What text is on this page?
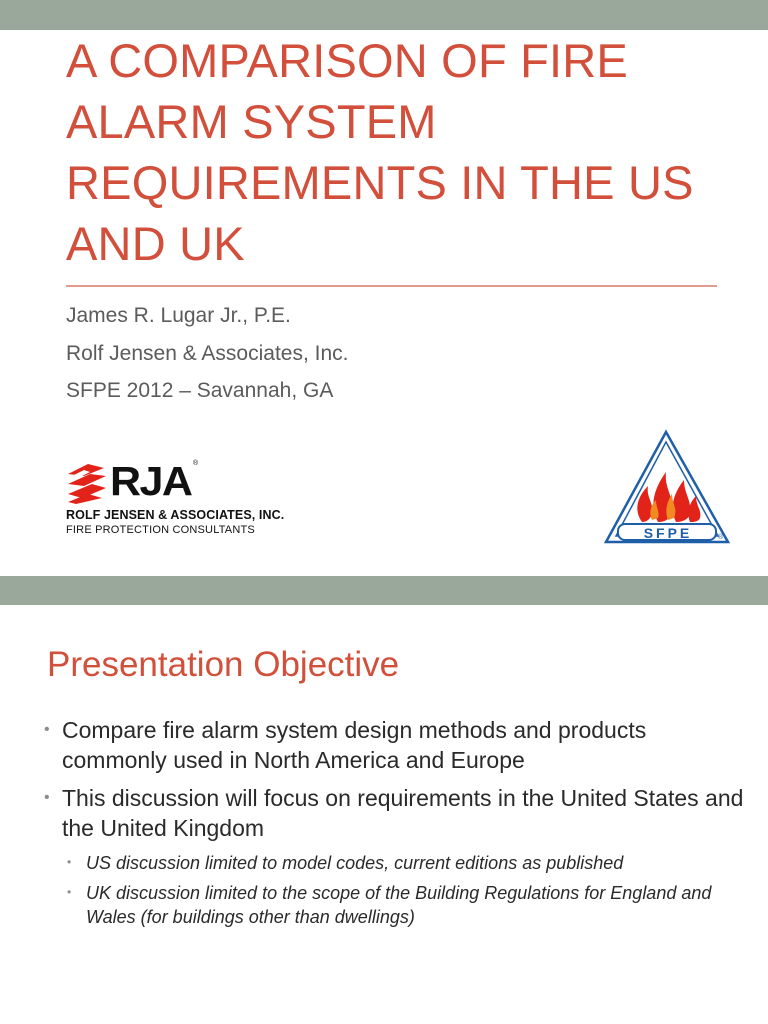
A COMPARISON OF FIRE ALARM SYSTEM REQUIREMENTS IN THE US AND UK

James R. Lugar Jr., P.E.

Rolf Jensen & Associates, Inc.

SFPE 2012 – Savannah, GA

RJA ®
ROLF JENSEN & ASSOCIATES, INC.
FIRE PROTECTION CONSULTANTS	SFPE	®
Presentation Objective
• Compare fire alarm system design methods and products commonly used in North America and Europe
• This discussion will focus on requirements in the United States and the United Kingdom
• US discussion limited to model codes, current editions as published
• UK discussion limited to the scope of the Building Regulations for England and Wales (for buildings other than dwellings)
